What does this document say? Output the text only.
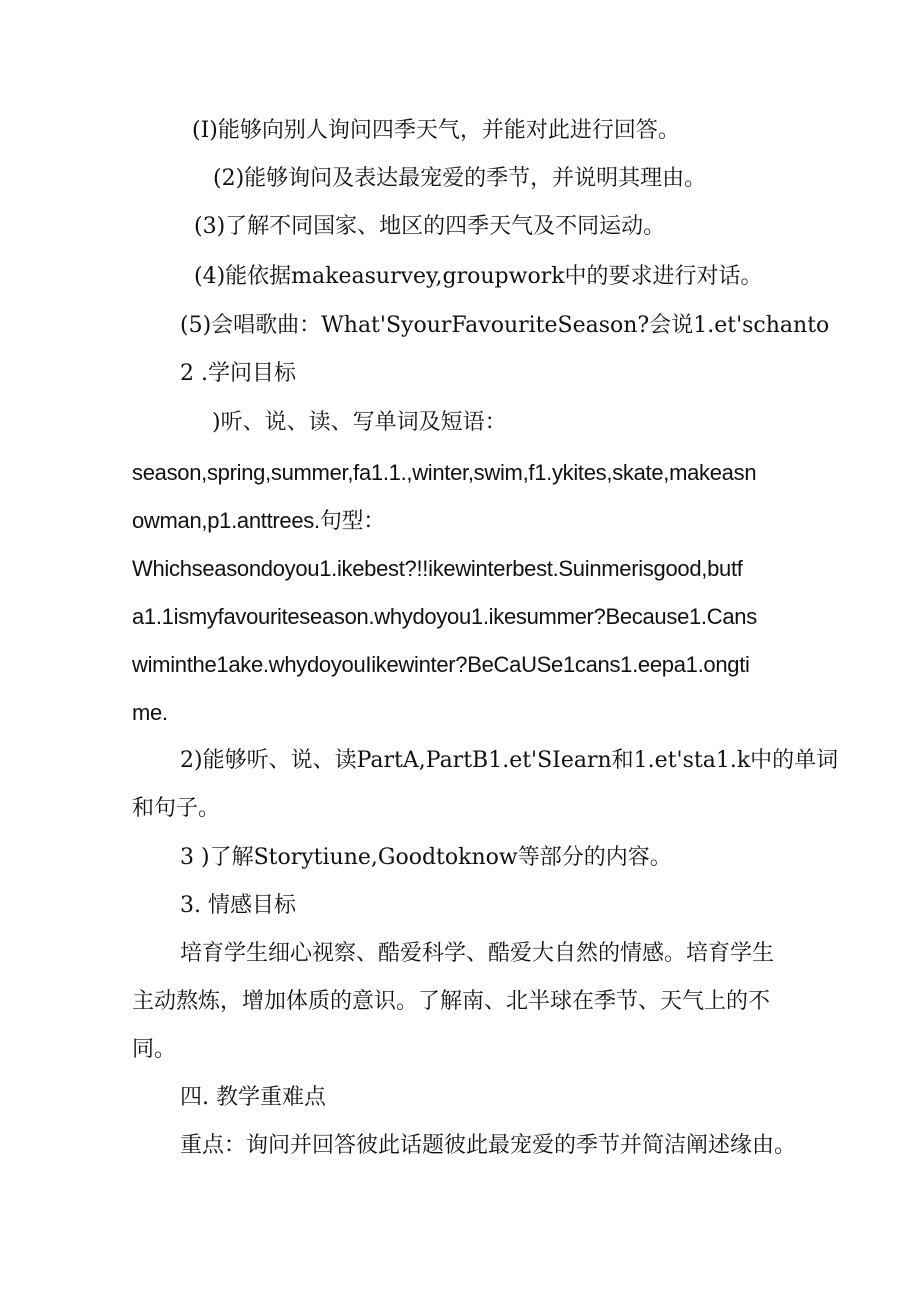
(I)能够向别人询问四季天气，并能对此进行回答。
(2)能够询问及表达最宠爱的季节，并说明其理由。
(3)了解不同国家、地区的四季天气及不同运动。
(4)能依据makeasurvey,groupwork中的要求进行对话。
(5)会唱歌曲：What'SyourFavouriteSeason?会说1.et'schanto
2 .学问目标
)听、说、读、写单词及短语：
season,spring,summer,fa1.1.,winter,swim,f1.ykites,skate,makeasn
owman,p1.anttrees.句型：
Whichseasondoyou1.ikebest?!!ikewinterbest.Suinmerisgood,butf
a1.1ismyfavouriteseason.whydoyou1.ikesummer?Because1.Cans
wiminthe1ake.whydoyouIikewinter?BeCaUSe1cans1.eepa1.ongti
me.
2)能够听、说、读PartA,PartB1.et'SIearn和1.et'sta1.k中的单词
和句子。
3 )了解Storytiune,Goodtoknow等部分的内容。
3. 情感目标
培育学生细心视察、酷爱科学、酷爱大自然的情感。培育学生
主动熬炼，增加体质的意识。了解南、北半球在季节、天气上的不
同。
四. 教学重难点
重点：询问并回答彼此话题彼此最宠爱的季节并简洁阐述缘由。
